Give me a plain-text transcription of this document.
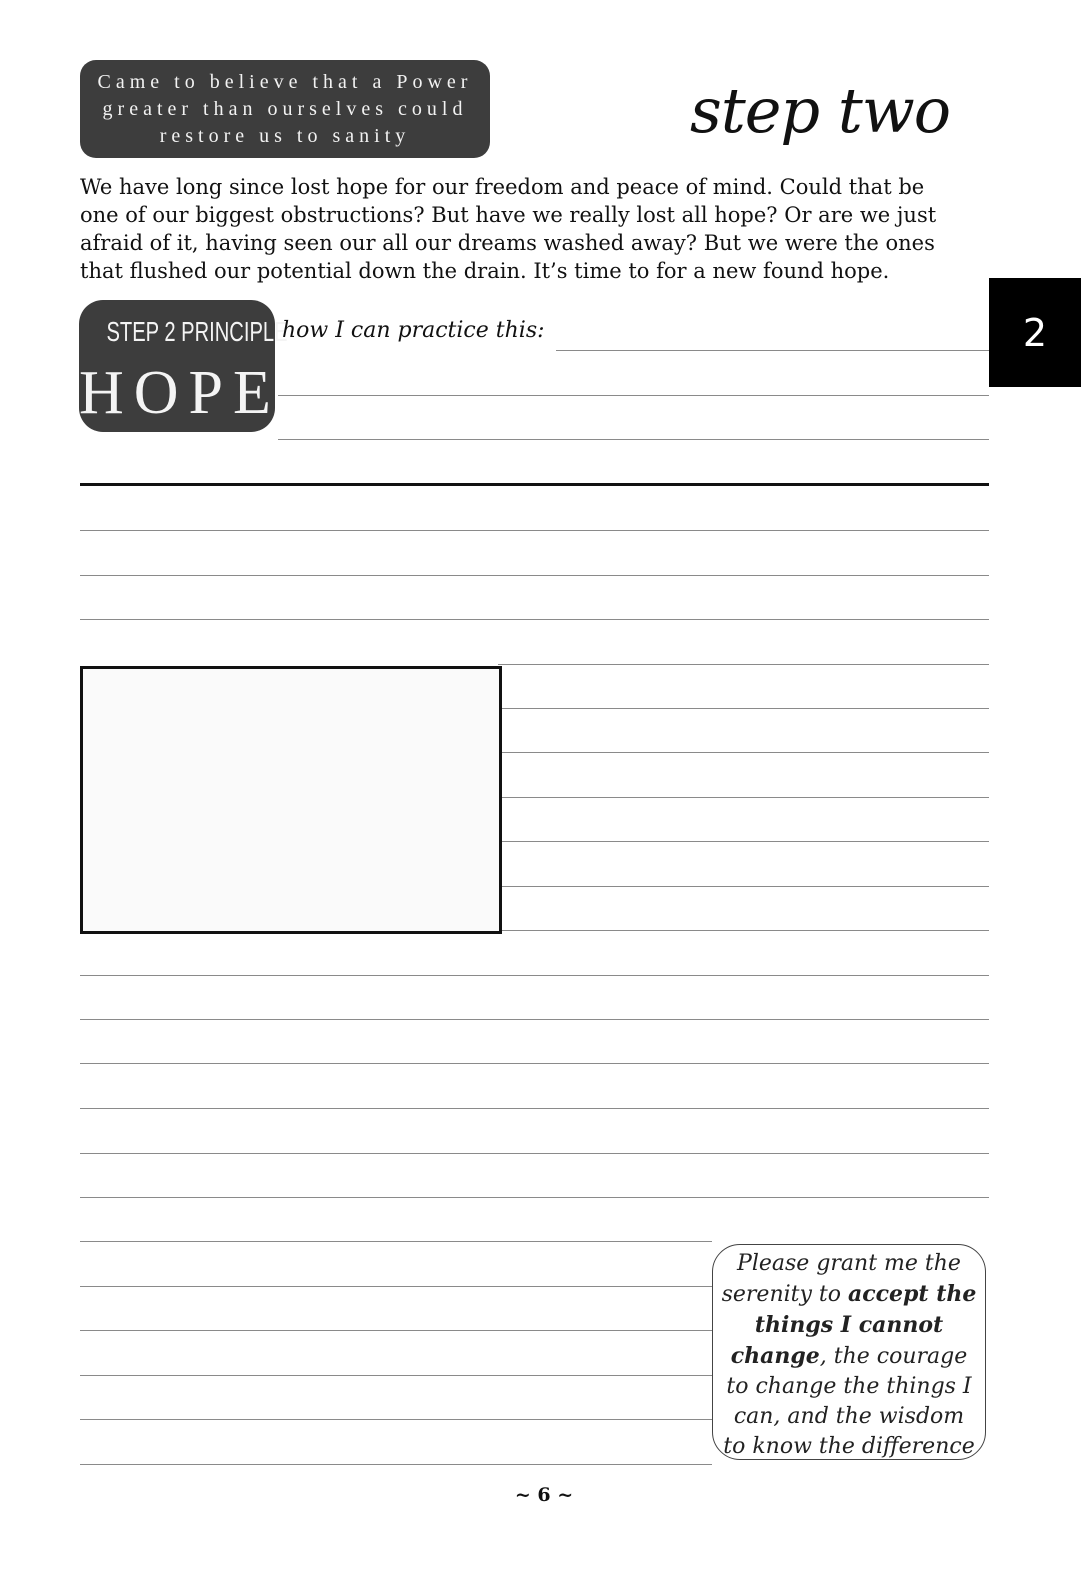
Came to believe that a Power
greater than ourselves could
restore us to sanity	step two
We have long since lost hope for our freedom and peace of mind. Could that be
one of our biggest obstructions? But have we really lost all hope? Or are we just
afraid of it, having seen our all our dreams washed away? But we were the ones
that flushed our potential down the drain. It’s time to for a new found hope.
2
STEP 2 PRINCIPLE
HOPE
how I can practice this:
Please grant me the
serenity to accept the
things I cannot
change, the courage
to change the things I
can, and the wisdom
to know the difference
~ 6 ~
